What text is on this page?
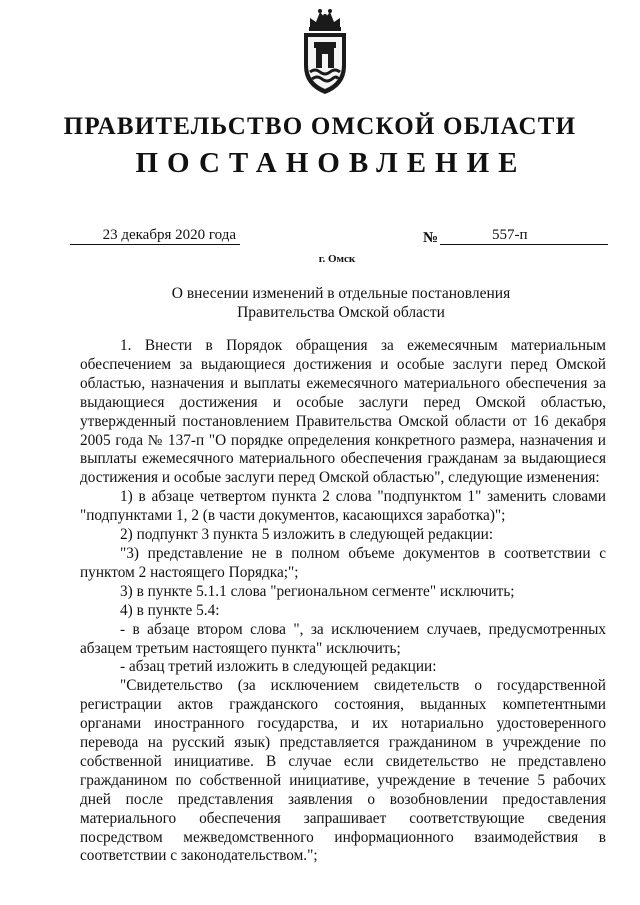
ПРАВИТЕЛЬСТВО ОМСКОЙ ОБЛАСТИ
ПОСТАНОВЛЕНИЕ
23 декабря 2020 года	№	557-п
г. Омск
О внесении изменений в отдельные постановления
Правительства Омской области

1. Внести в Порядок обращения за ежемесячным материальным обеспечением за выдающиеся достижения и особые заслуги перед Омской областью, назначения и выплаты ежемесячного материального обеспечения за выдающиеся достижения и особые заслуги перед Омской областью, утвержденный постановлением Правительства Омской области от 16 декабря 2005 года № 137-п "О порядке определения конкретного размера, назначения и выплаты ежемесячного материального обеспечения гражданам за выдающиеся достижения и особые заслуги перед Омской областью", следующие изменения:

1) в абзаце четвертом пункта 2 слова "подпунктом 1" заменить словами "подпунктами 1, 2 (в части документов, касающихся заработка)";

2) подпункт 3 пункта 5 изложить в следующей редакции:

"3) представление не в полном объеме документов в соответствии с пунктом 2 настоящего Порядка;";

3) в пункте 5.1.1 слова "региональном сегменте" исключить;

4) в пункте 5.4:

- в абзаце втором слова ", за исключением случаев, предусмотренных абзацем третьим настоящего пункта" исключить;

- абзац третий изложить в следующей редакции:

"Свидетельство (за исключением свидетельств о государственной регистрации актов гражданского состояния, выданных компетентными органами иностранного государства, и их нотариально удостоверенного перевода на русский язык) представляется гражданином в учреждение по собственной инициативе. В случае если свидетельство не представлено гражданином по собственной инициативе, учреждение в течение 5 рабочих дней после представления заявления о возобновлении предоставления материального обеспечения запрашивает соответствующие сведения посредством межведомственного информационного взаимодействия в соответствии с законодательством.";
